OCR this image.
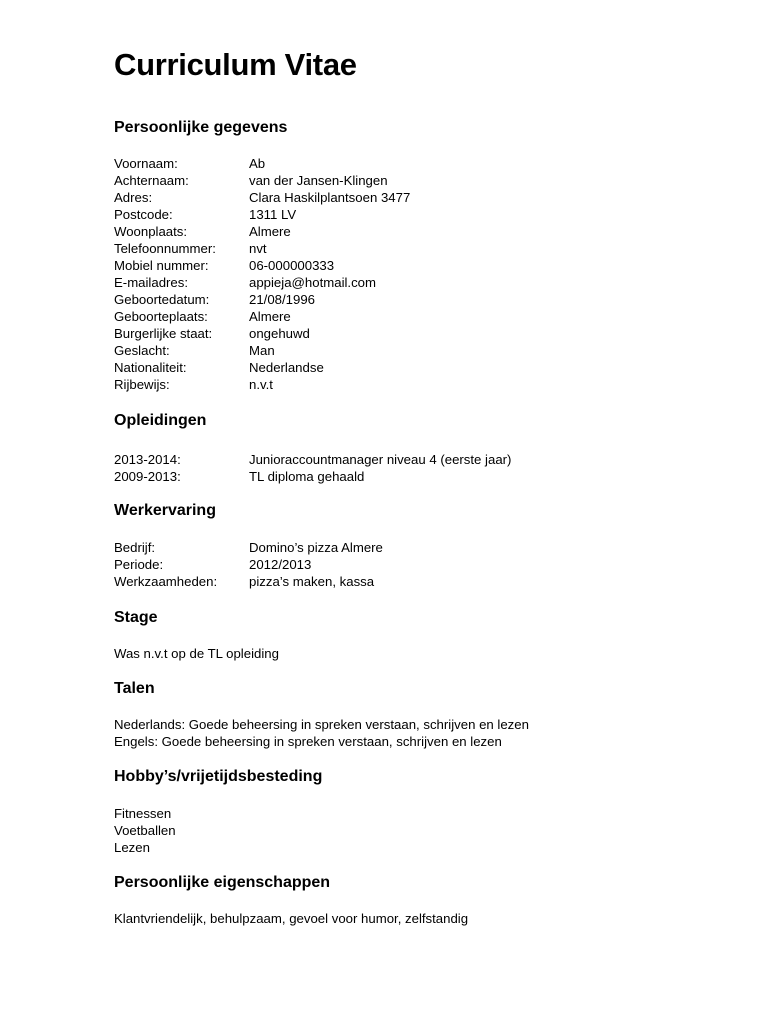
Curriculum Vitae
Persoonlijke gegevens
Voornaam:	Ab
Achternaam:	van der Jansen-Klingen
Adres:	Clara Haskilplantsoen 3477
Postcode:	1311 LV
Woonplaats:	Almere
Telefoonnummer:	nvt
Mobiel nummer:	06-000000333
E-mailadres:	appieja@hotmail.com
Geboortedatum:	21/08/1996
Geboorteplaats:	Almere
Burgerlijke staat:	ongehuwd
Geslacht:	Man
Nationaliteit:	Nederlandse
Rijbewijs:	n.v.t
Opleidingen
2013-2014:	Junioraccountmanager niveau 4 (eerste jaar)
2009-2013:	TL diploma gehaald
Werkervaring
Bedrijf:	Domino’s pizza Almere
Periode:	2012/2013
Werkzaamheden:	pizza’s maken, kassa
Stage
Was n.v.t op de TL opleiding
Talen
Nederlands: Goede beheersing in spreken verstaan, schrijven en lezen
Engels: Goede beheersing in spreken verstaan, schrijven en lezen
Hobby’s/vrijetijdsbesteding
Fitnessen
Voetballen
Lezen
Persoonlijke eigenschappen
Klantvriendelijk, behulpzaam, gevoel voor humor, zelfstandig
